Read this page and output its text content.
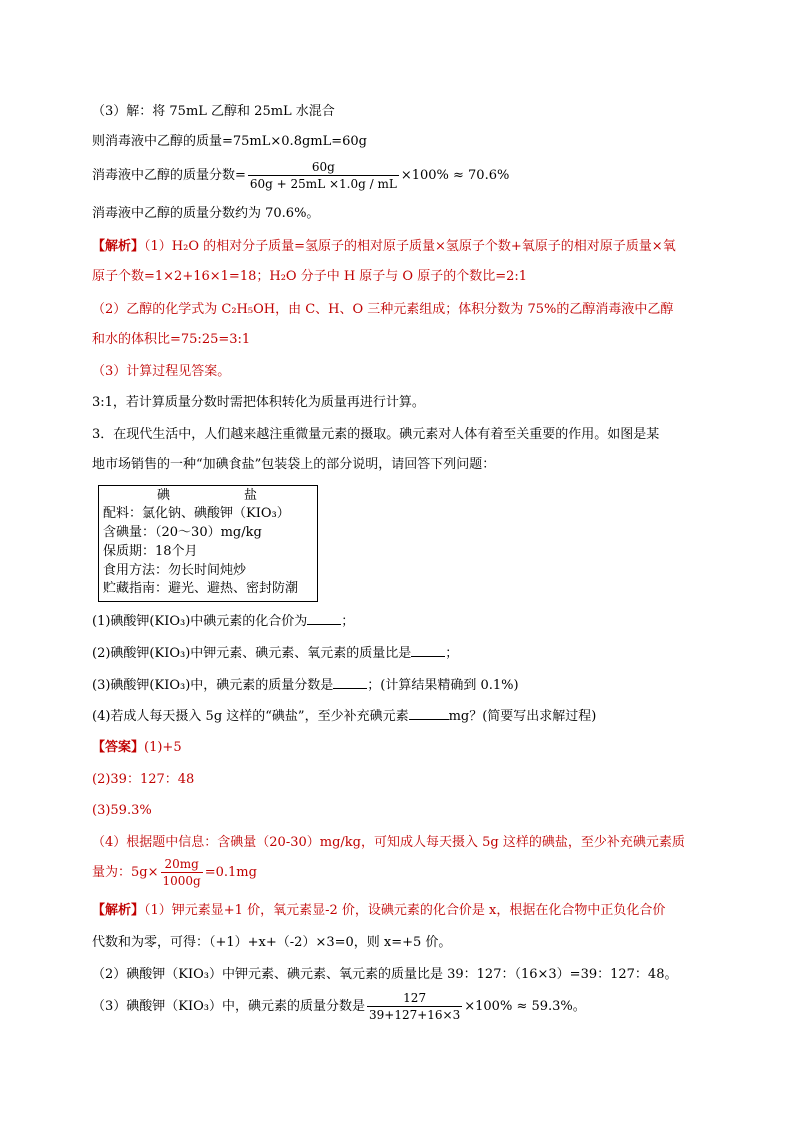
（3）解：将 75mL 乙醇和 25mL 水混合
则消毒液中乙醇的质量=75mL×0.8gmL=60g
消毒液中乙醇的质量分数= $\frac{60g}{60g + 25mL \times 1.0g / mL} \times 100\% \approx 70.6\%$
消毒液中乙醇的质量分数约为 70.6%。
【解析】（1）H₂O 的相对分子质量=氢原子的相对原子质量×氢原子个数+氧原子的相对原子质量×氧
原子个数=1×2+16×1=18；H₂O 分子中 H 原子与 O 原子的个数比=2:1
（2）乙醇的化学式为 C₂H₅OH，由 C、H、O 三种元素组成；体积分数为 75%的乙醇消毒液中乙醇
和水的体积比=75:25=3:1
（3）计算过程见答案。
3:1，若计算质量分数时需把体积转化为质量再进行计算。
3．在现代生活中，人们越来越注重微量元素的摄取。碘元素对人体有着至关重要的作用。如图是某
地市场销售的一种“加碘食盐”包装袋上的部分说明，请回答下列问题：
碘	盐
配料：氯化钠、碘酸钾（KIO₃）
含碘量：（20～30）mg/kg
保质期：18个月
食用方法：勿长时间炖炒
贮藏指南：避光、避热、密封防潮
(1)碘酸钾(KIO₃)中碘元素的化合价为	；
(2)碘酸钾(KIO₃)中钾元素、碘元素、氧元素的质量比是	；
(3)碘酸钾(KIO₃)中，碘元素的质量分数是	；(计算结果精确到 0.1%)
(4)若成人每天摄入 5g 这样的“碘盐”，至少补充碘元素	mg？(简要写出求解过程)
【答案】(1)+5
(2)39：127：48
(3)59.3%
（4）根据题中信息：含碘量（20-30）mg/kg，可知成人每天摄入 5g 这样的碘盐，至少补充碘元素质
量为：$5g\times \frac{20mg}{1000g} =0.1mg$
【解析】（1）钾元素显+1 价，氧元素显-2 价，设碘元素的化合价是 x，根据在化合物中正负化合价
代数和为零，可得：（+1）+x+（-2）×3=0，则 x=+5 价。
（2）碘酸钾（KIO₃）中钾元素、碘元素、氧元素的质量比是 39：127：（16×3）=39：127：48。
（3）碘酸钾（KIO₃）中，碘元素的质量分数是 $\frac{127}{39+127+16\times 3} \times 100\% \approx 59.3\%$。
